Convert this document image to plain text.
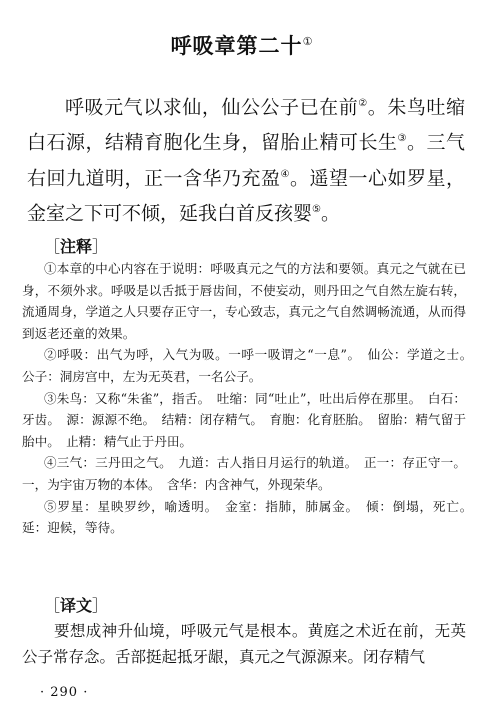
呼吸章第二十①

呼吸元气以求仙，仙公公子已在前②。朱鸟吐缩白石源，结精育胞化生身，留胎止精可长生③。三气右回九道明，正一含华乃充盈④。遥望一心如罗星，金室之下可不倾，延我白首反孩婴⑤。

［注释］

①本章的中心内容在于说明：呼吸真元之气的方法和要领。真元之气就在已身，不须外求。呼吸是以舌抵于唇齿间，不使妄动，则丹田之气自然左旋右转，流通周身，学道之人只要存正守一，专心致志，真元之气自然调畅流通，从而得到返老还童的效果。

②呼吸：出气为呼，入气为吸。一呼一吸谓之“一息”。　仙公：学道之士。　公子：洞房宫中，左为无英君，一名公子。

③朱鸟：又称“朱雀”，指舌。　吐缩：同“吐止”，吐出后停在那里。　白石：牙齿。　源：源源不绝。　结精：闭存精气。　育胞：化育胚胎。　留胎：精气留于胎中。　止精：精气止于丹田。

④三气：三丹田之气。　九道：古人指日月运行的轨道。　正一：存正守一。一，为宇宙万物的本体。　含华：内含神气，外现荣华。

⑤罗星：星映罗纱，喻透明。　金室：指肺，肺属金。　倾：倒塌，死亡。　延：迎候，等待。

［译文］

要想成神升仙境，呼吸元气是根本。黄庭之术近在前，无英公子常存念。舌部挺起抵牙龈，真元之气源源来。闭存精气

· 290 ·
